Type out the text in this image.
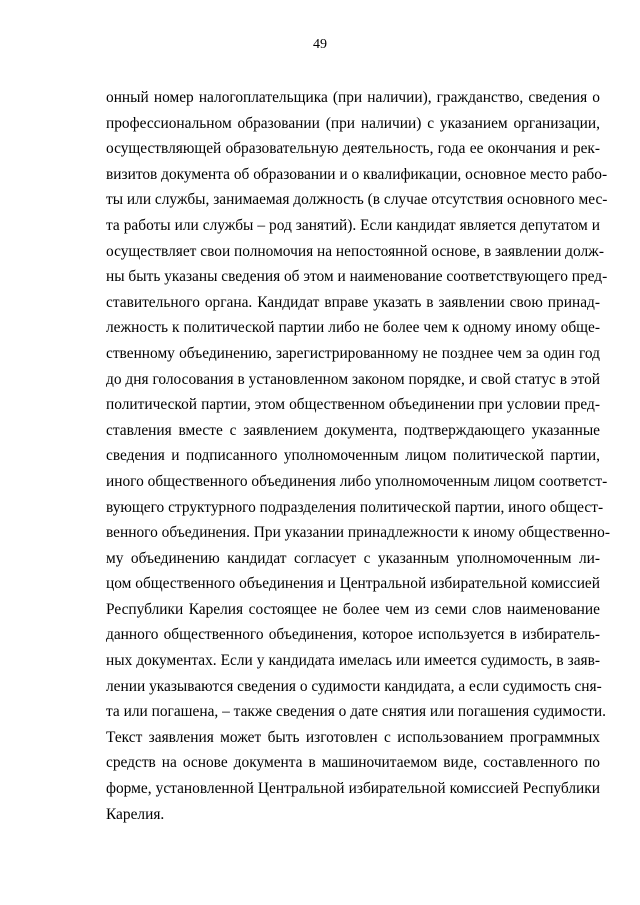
49
онный номер налогоплательщика (при наличии), гражданство, сведения о
профессиональном образовании (при наличии) с указанием организации,
осуществляющей образовательную деятельность, года ее окончания и рек-
визитов документа об образовании и о квалификации, основное место рабо-
ты или службы, занимаемая должность (в случае отсутствия основного мес-
та работы или службы – род занятий). Если кандидат является депутатом и
осуществляет свои полномочия на непостоянной основе, в заявлении долж-
ны быть указаны сведения об этом и наименование соответствующего пред-
ставительного органа. Кандидат вправе указать в заявлении свою принад-
лежность к политической партии либо не более чем к одному иному обще-
ственному объединению, зарегистрированному не позднее чем за один год
до дня голосования в установленном законом порядке, и свой статус в этой
политической партии, этом общественном объединении при условии пред-
ставления вместе с заявлением документа, подтверждающего указанные
сведения и подписанного уполномоченным лицом политической партии,
иного общественного объединения либо уполномоченным лицом соответст-
вующего структурного подразделения политической партии, иного общест-
венного объединения. При указании принадлежности к иному общественно-
му объединению кандидат согласует с указанным уполномоченным ли-
цом общественного объединения и Центральной избирательной комиссией
Республики Карелия состоящее не более чем из семи слов наименование
данного общественного объединения, которое используется в избиратель-
ных документах. Если у кандидата имелась или имеется судимость, в заяв-
лении указываются сведения о судимости кандидата, а если судимость сня-
та или погашена, – также сведения о дате снятия или погашения судимости.
Текст заявления может быть изготовлен с использованием программных
средств на основе документа в машиночитаемом виде, составленного по
форме, установленной Центральной избирательной комиссией Республики
Карелия.
